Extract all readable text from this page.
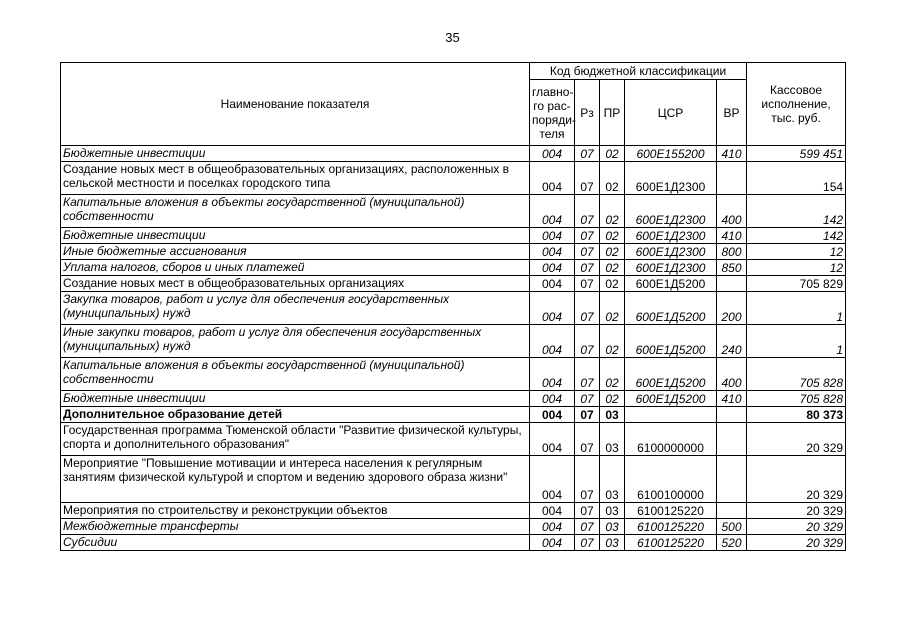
35
Наименование показателя	Код бюджетной классификации					Кассовое исполнение, тыс. руб.
	главно-го рас-поряди-теля	Рз	ПР	ЦСР	ВР	
Бюджетные инвестиции	004	07	02	600Е155200	410	599 451
Создание новых мест в общеобразовательных организациях, расположенных в сельской местности и поселках городского типа	004	07	02	600Е1Д2300		154
Капитальные вложения в объекты государственной (муниципальной) собственности	004	07	02	600Е1Д2300	400	142
Бюджетные инвестиции	004	07	02	600Е1Д2300	410	142
Иные бюджетные ассигнования	004	07	02	600Е1Д2300	800	12
Уплата налогов, сборов и иных платежей	004	07	02	600Е1Д2300	850	12
Создание новых мест в общеобразовательных организациях	004	07	02	600Е1Д5200		705 829
Закупка товаров, работ и услуг для обеспечения государственных (муниципальных) нужд	004	07	02	600Е1Д5200	200	1
Иные закупки товаров, работ и услуг для обеспечения государственных (муниципальных) нужд	004	07	02	600Е1Д5200	240	1
Капитальные вложения в объекты государственной (муниципальной) собственности	004	07	02	600Е1Д5200	400	705 828
Бюджетные инвестиции	004	07	02	600Е1Д5200	410	705 828
Дополнительное образование детей	004	07	03			80 373
Государственная программа Тюменской области "Развитие физической культуры, спорта и дополнительного образования"	004	07	03	6100000000		20 329
Мероприятие "Повышение мотивации и интереса населения к регулярным занятиям физической культурой и спортом и ведению здорового образа жизни"	004	07	03	6100100000		20 329
Мероприятия по строительству и реконструкции объектов	004	07	03	6100125220		20 329
Межбюджетные трансферты	004	07	03	6100125220	500	20 329
Субсидии	004	07	03	6100125220	520	20 329
